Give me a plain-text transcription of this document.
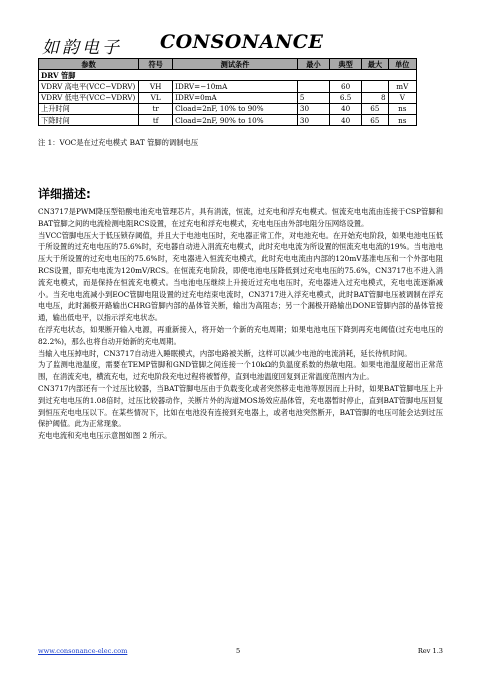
如韵电子 CONSONANCE
参数	符号	测试条件	最小	典型	最大	单位
DRV 管脚						
VDRV 高电平(VCC−VDRV)	VH	IDRV=−10mA		60		mV
VDRV 低电平(VCC−VDRV)	VL	IDRV=0mA	5	6.5	8	V
上升时间	tr	Cload=2nF, 10% to 90%	30	40	65	ns
下降时间	tf	Cload=2nF, 90% to 10%	30	40	65	ns
注 1：VOC是在过充电模式 BAT 管脚的调制电压
详细描述:

CN3717是PWM降压型铅酸电池充电管理芯片，具有涓流，恒流，过充电和浮充电模式。恒流充电电流由连接于CSP管脚和BAT管脚之间的电流检测电阻RCS设置，在过充电和浮充电模式，充电电压由外部电阻分压网络设置。

当VCC管脚电压大于低压锁存阈值，并且大于电池电压时，充电器正常工作，对电池充电。在开始充电阶段，如果电池电压低于所设置的过充电电压的75.6%时，充电器自动进入涓流充电模式，此时充电电流为所设置的恒流充电电流的19%。当电池电压大于所设置的过充电电压的75.6%时，充电器进入恒流充电模式，此时充电电流由内部的120mV基准电压和一个外部电阻RCS设置，即充电电流为120mV/RCS。在恒流充电阶段，即使电池电压降低到过充电电压的75.6%，CN3717也不进入涓流充电模式，而是保持在恒流充电模式。当电池电压继续上升接近过充电电压时，充电器进入过充电模式，充电电流逐渐减小。当充电电流减小到EOC管脚电阻设置的过充电结束电流时，CN3717进入浮充电模式，此时BAT管脚电压被调制在浮充电电压，此时漏极开路输出CHRG管脚内部的晶体管关断，输出为高阻态；另一个漏极开路输出DONE管脚内部的晶体管接通，输出低电平，以指示浮充电状态。

在浮充电状态，如果断开输入电源，再重新接入，将开始一个新的充电周期；如果电池电压下降到再充电阈值(过充电电压的82.2%)，那么也将自动开始新的充电周期。

当输入电压掉电时，CN3717自动进入睡眠模式，内部电路被关断，这样可以减少电池的电流消耗，延长待机时间。

为了监测电池温度，需要在TEMP管脚和GND管脚之间连接一个10kΩ的负温度系数的热敏电阻。如果电池温度超出正常范围，在涓流充电，横流充电，过充电阶段充电过程将被暂停，直到电池温度回复到正常温度范围内为止。

CN3717内部还有一个过压比较器，当BAT管脚电压由于负载变化或者突然移走电池等原因而上升时，如果BAT管脚电压上升到过充电电压的1.08倍时，过压比较器动作，关断片外的沟道MOS场效应晶体管，充电器暂时停止，直到BAT管脚电压回复到恒压充电电压以下。在某些情况下，比如在电池没有连接到充电器上，或者电池突然断开，BAT管脚的电压可能会达到过压保护阈值。此为正常现象。

充电电流和充电电压示意图如图 2 所示。

www.consonance-elec.com	5	Rev 1.3
